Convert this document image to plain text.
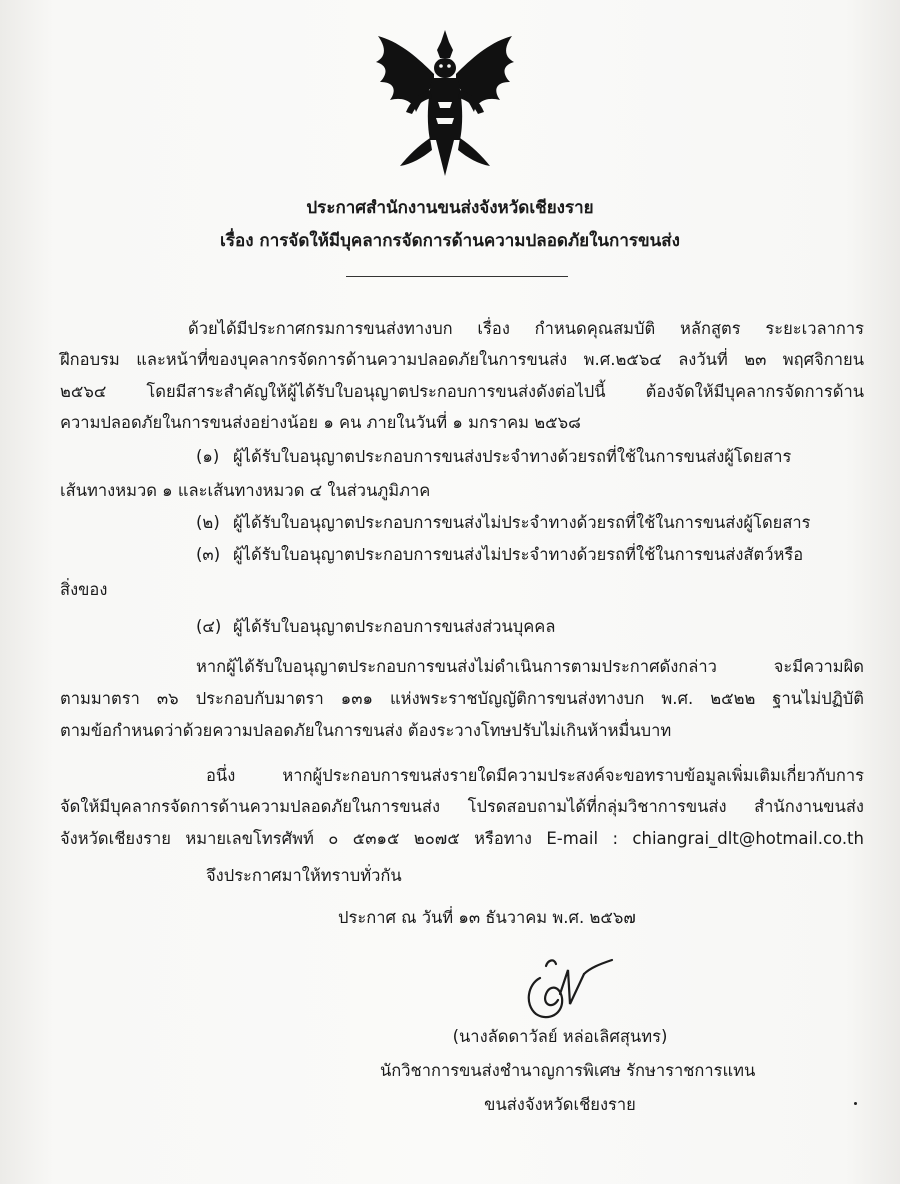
ประกาศสำนักงานขนส่งจังหวัดเชียงราย
เรื่อง การจัดให้มีบุคลากรจัดการด้านความปลอดภัยในการขนส่ง
ด้วยได้มีประกาศกรมการขนส่งทางบก เรื่อง กำหนดคุณสมบัติ หลักสูตร ระยะเวลาการ
ฝึกอบรม และหน้าที่ของบุคลากรจัดการด้านความปลอดภัยในการขนส่ง พ.ศ.๒๕๖๔ ลงวันที่ ๒๓ พฤศจิกายน
๒๕๖๔ โดยมีสาระสำคัญให้ผู้ได้รับใบอนุญาตประกอบการขนส่งดังต่อไปนี้ ต้องจัดให้มีบุคลากรจัดการด้าน
ความปลอดภัยในการขนส่งอย่างน้อย ๑ คน ภายในวันที่ ๑ มกราคม ๒๕๖๘
(๑) ผู้ได้รับใบอนุญาตประกอบการขนส่งประจำทางด้วยรถที่ใช้ในการขนส่งผู้โดยสาร
เส้นทางหมวด ๑ และเส้นทางหมวด ๔ ในส่วนภูมิภาค
(๒) ผู้ได้รับใบอนุญาตประกอบการขนส่งไม่ประจำทางด้วยรถที่ใช้ในการขนส่งผู้โดยสาร
(๓) ผู้ได้รับใบอนุญาตประกอบการขนส่งไม่ประจำทางด้วยรถที่ใช้ในการขนส่งสัตว์หรือ
สิ่งของ
(๔) ผู้ได้รับใบอนุญาตประกอบการขนส่งส่วนบุคคล
หากผู้ได้รับใบอนุญาตประกอบการขนส่งไม่ดำเนินการตามประกาศดังกล่าว จะมีความผิด
ตามมาตรา ๓๖ ประกอบกับมาตรา ๑๓๑ แห่งพระราชบัญญัติการขนส่งทางบก พ.ศ. ๒๕๒๒ ฐานไม่ปฏิบัติ
ตามข้อกำหนดว่าด้วยความปลอดภัยในการขนส่ง ต้องระวางโทษปรับไม่เกินห้าหมื่นบาท
อนึ่ง หากผู้ประกอบการขนส่งรายใดมีความประสงค์จะขอทราบข้อมูลเพิ่มเติมเกี่ยวกับการ
จัดให้มีบุคลากรจัดการด้านความปลอดภัยในการขนส่ง โปรดสอบถามได้ที่กลุ่มวิชาการขนส่ง สำนักงานขนส่ง
จังหวัดเชียงราย หมายเลขโทรศัพท์ ๐ ๕๓๑๕ ๒๐๗๕ หรือทาง E-mail : chiangrai_dlt@hotmail.co.th
จึงประกาศมาให้ทราบทั่วกัน
ประกาศ ณ วันที่ ๑๓ ธันวาคม พ.ศ. ๒๕๖๗
(นางลัดดาวัลย์ หล่อเลิศสุนทร)
นักวิชาการขนส่งชำนาญการพิเศษ รักษาราชการแทน
ขนส่งจังหวัดเชียงราย
